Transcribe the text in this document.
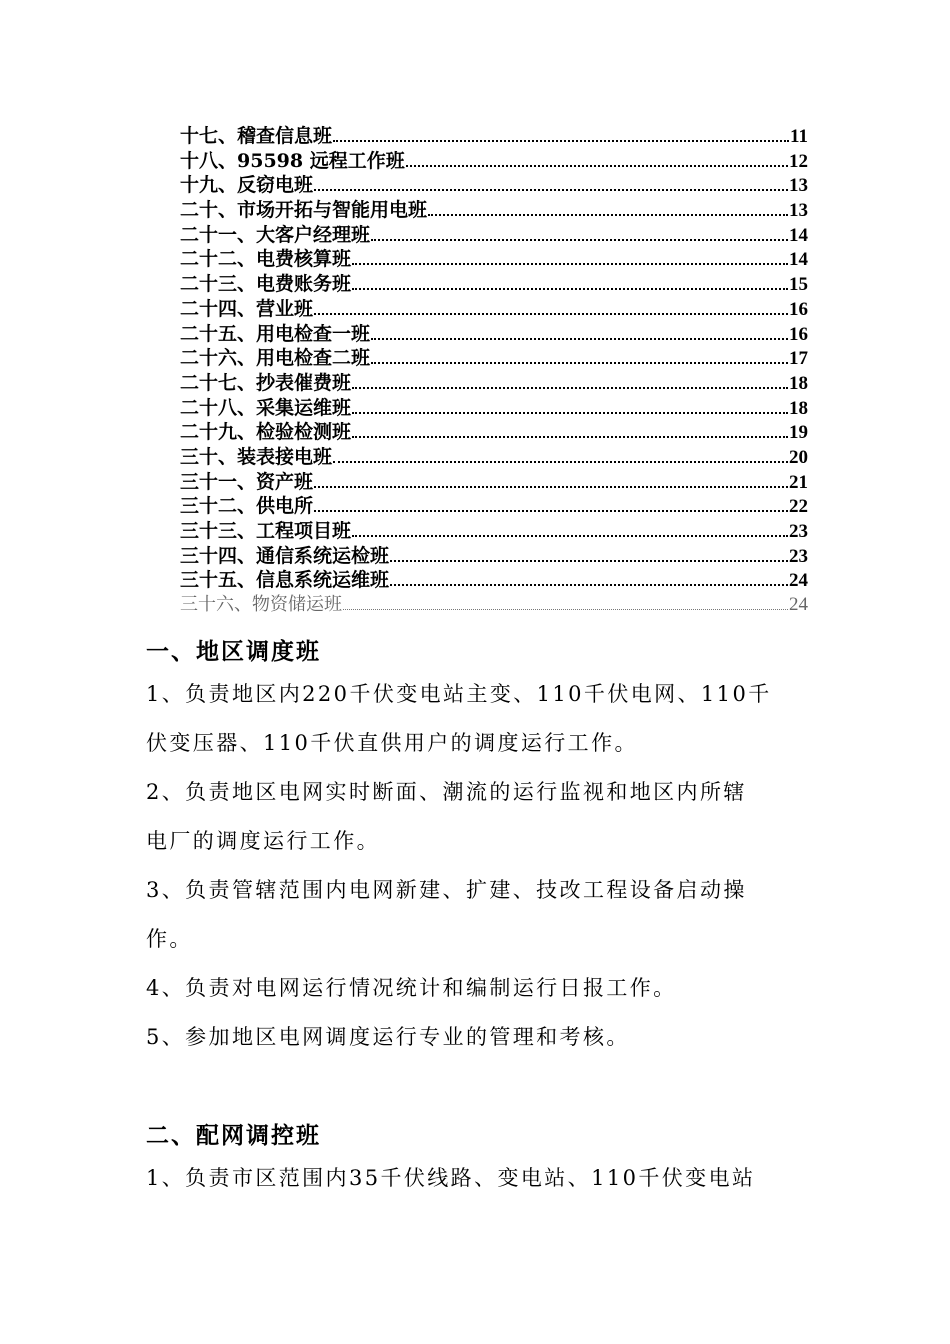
十七、稽查信息班	11
十八、95598 远程工作班	12
十九、反窃电班	13
二十、市场开拓与智能用电班	13
二十一、大客户经理班	14
二十二、电费核算班	14
二十三、电费账务班	15
二十四、营业班	16
二十五、用电检查一班	16
二十六、用电检查二班	17
二十七、抄表催费班	18
二十八、采集运维班	18
二十九、检验检测班	19
三十、装表接电班	20
三十一、资产班	21
三十二、供电所	22
三十三、工程项目班	23
三十四、通信系统运检班	23
三十五、信息系统运维班	24
三十六、物资储运班	24
一、地区调度班

1、负责地区内220千伏变电站主变、110千伏电网、110千

伏变压器、110千伏直供用户的调度运行工作。

2、负责地区电网实时断面、潮流的运行监视和地区内所辖

电厂的调度运行工作。

3、负责管辖范围内电网新建、扩建、技改工程设备启动操

作。

4、负责对电网运行情况统计和编制运行日报工作。

5、参加地区电网调度运行专业的管理和考核。

二、配网调控班

1、负责市区范围内35千伏线路、变电站、110千伏变电站
